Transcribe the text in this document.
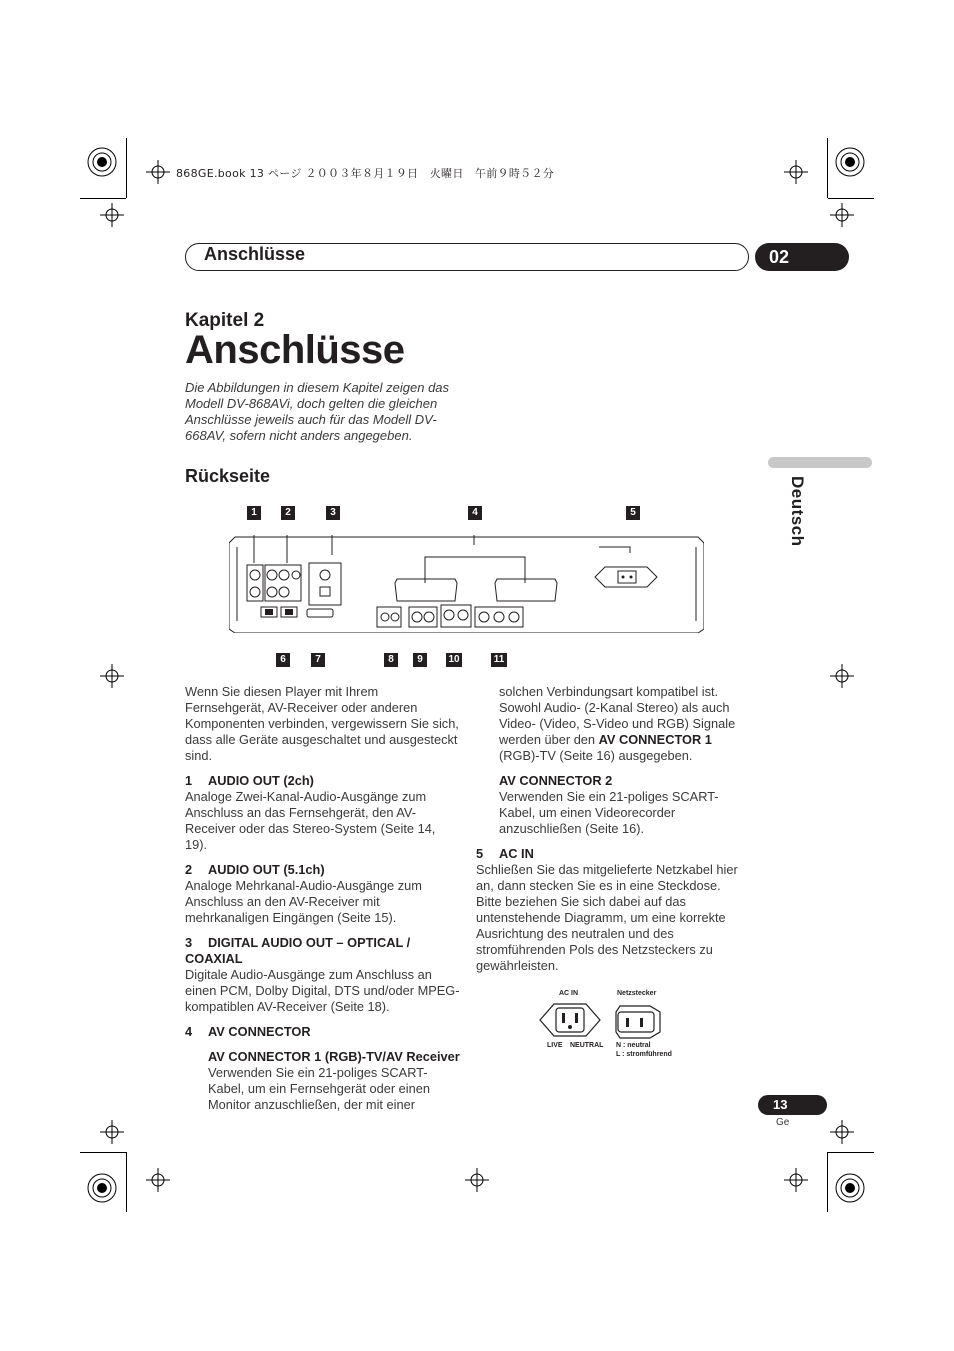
868GE.book 13 ページ ２００３年８月１９日　火曜日　午前９時５２分
Anschlüsse	02
Kapitel 2
Anschlüsse
Die Abbildungen in diesem Kapitel zeigen das Modell DV-868AVi, doch gelten die gleichen Anschlüsse jeweils auch für das Modell DV-668AV, sofern nicht anders angegeben.
Deutsch
Rückseite
1	2	3	4	5
6	7	8	9	10	11

Wenn Sie diesen Player mit Ihrem Fernsehgerät, AV-Receiver oder anderen Komponenten verbinden, vergewissern Sie sich, dass alle Geräte ausgeschaltet und ausgesteckt sind.

1 AUDIO OUT (2ch)

Analoge Zwei-Kanal-Audio-Ausgänge zum Anschluss an das Fernsehgerät, den AV-Receiver oder das Stereo-System (Seite 14, 19).

2 AUDIO OUT (5.1ch)

Analoge Mehrkanal-Audio-Ausgänge zum Anschluss an den AV-Receiver mit mehrkanaligen Eingängen (Seite 15).

3 DIGITAL AUDIO OUT – OPTICAL / COAXIAL

Digitale Audio-Ausgänge zum Anschluss an einen PCM, Dolby Digital, DTS und/oder MPEG-kompatiblen AV-Receiver (Seite 18).

4 AV CONNECTOR

AV CONNECTOR 1 (RGB)-TV/AV Receiver

Verwenden Sie ein 21-poliges SCART-Kabel, um ein Fernsehgerät oder einen Monitor anzuschließen, der mit einer

solchen Verbindungsart kompatibel ist. Sowohl Audio- (2-Kanal Stereo) als auch Video- (Video, S-Video und RGB) Signale werden über den AV CONNECTOR 1 (RGB)-TV (Seite 16) ausgegeben.

AV CONNECTOR 2

Verwenden Sie ein 21-poliges SCART-Kabel, um einen Videorecorder anzuschließen (Seite 16).

5 AC IN

Schließen Sie das mitgelieferte Netzkabel hier an, dann stecken Sie es in eine Steckdose. Bitte beziehen Sie sich dabei auf das untenstehende Diagramm, um eine korrekte Ausrichtung des neutralen und des stromführenden Pols des Netzsteckers zu gewährleisten.

AC IN	Netzstecker
LIVE NEUTRAL N : neutral
L : stromführend
13
Ge
